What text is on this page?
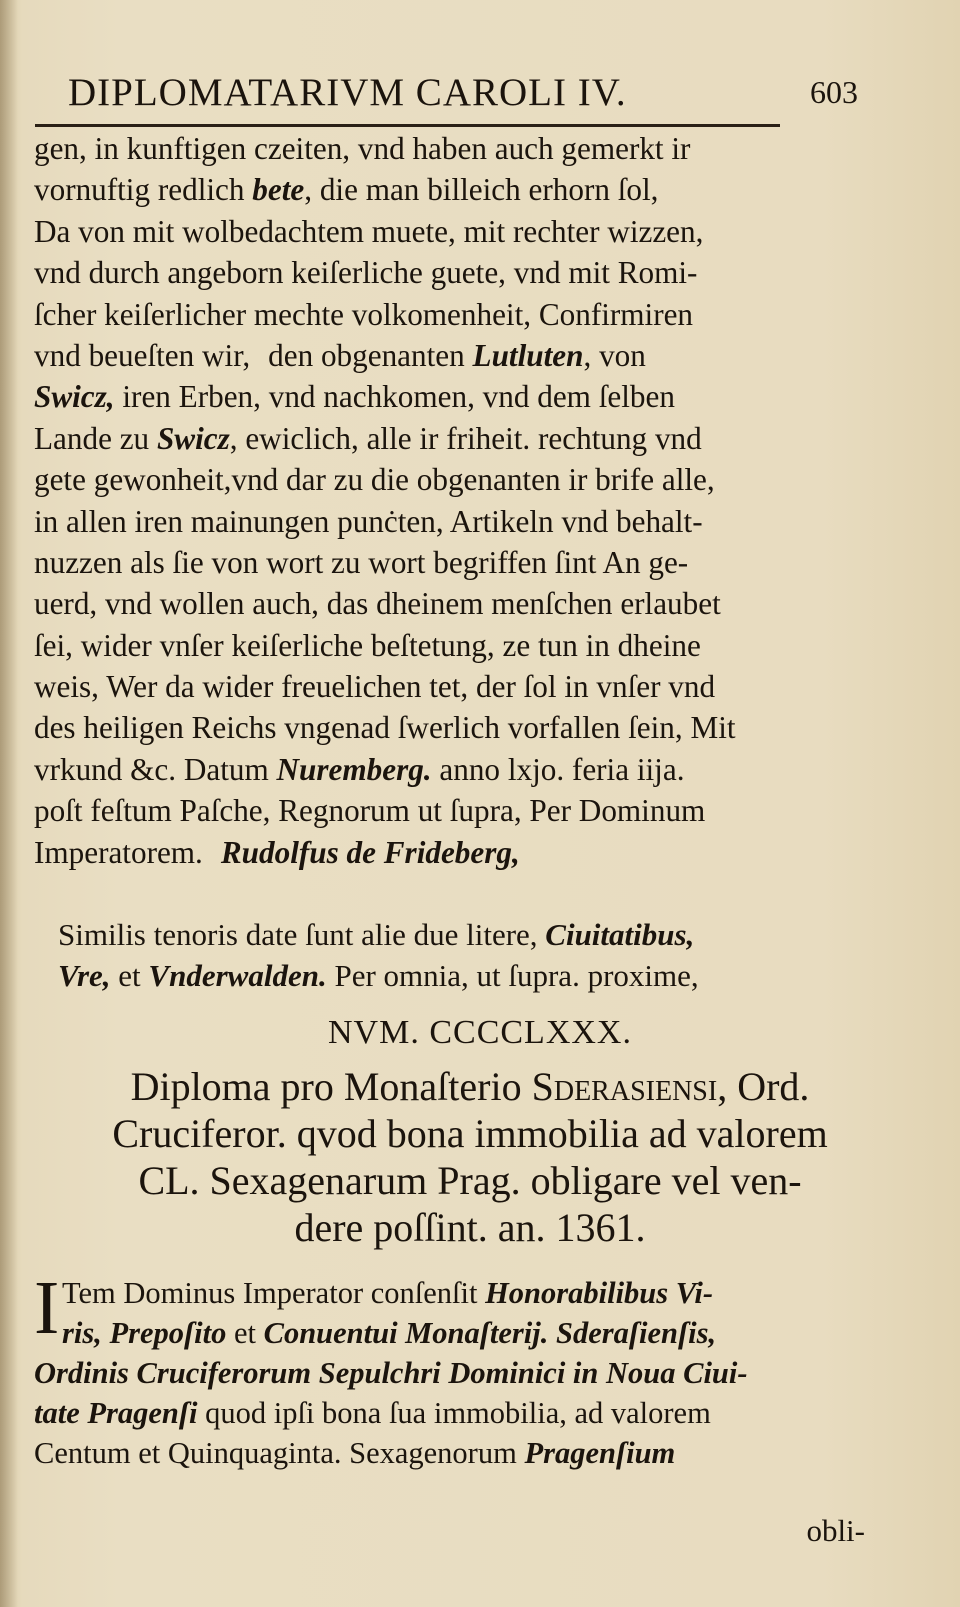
DIPLOMATARIVM CAROLI IV.	603
gen, in kunftigen czeiten, vnd haben auch gemerkt ir
vornuftig redlich bete, die man billeich erhorn ſol,
Da von mit wolbedachtem muete, mit rechter wizzen,
vnd durch angeborn keiſerliche guete, vnd mit Romi-
ſcher keiſerlicher mechte volkomenheit, Confirmiren
vnd beueſten wir, den obgenanten Lutluten, von
Swicz, iren Erben, vnd nachkomen, vnd dem ſelben
Lande zu Swicz, ewiclich, alle ir friheit. rechtung vnd
gete gewonheit,vnd dar zu die obgenanten ir brife alle,
in allen iren mainungen punċten, Artikeln vnd behalt-
nuzzen als ſie von wort zu wort begriffen ſint An ge-
uerd, vnd wollen auch, das dheinem menſchen erlaubet
ſei, wider vnſer keiſerliche beſtetung, ze tun in dheine
weis, Wer da wider freuelichen tet, der ſol in vnſer vnd
des heiligen Reichs vngenad ſwerlich vorfallen ſein, Mit
vrkund &c. Datum Nuremberg. anno lxjo. feria iija.
poſt feſtum Paſche, Regnorum ut ſupra, Per Dominum
Imperatorem. Rudolfus de Frideberg,
Similis tenoris date ſunt alie due litere, Ciuitatibus,
Vre, et Vnderwalden. Per omnia, ut ſupra. proxime,
NVM. CCCCLXXX.
Diploma pro Monaſterio Sderasiensi, Ord.
Cruciferor. qvod bona immobilia ad valorem
CL. Sexagenarum Prag. obligare vel ven-
dere poſſint. an. 1361.
I Tem Dominus Imperator conſenſit Honorabilibus Vi-
ris, Prepoſito et Conuentui Monaſterij. Sderaſienſis,
Ordinis Cruciferorum Sepulchri Dominici in Noua Ciui-
tate Pragenſi quod ipſi bona ſua immobilia, ad valorem
Centum et Quinquaginta. Sexagenorum Pragenſium
obli-
